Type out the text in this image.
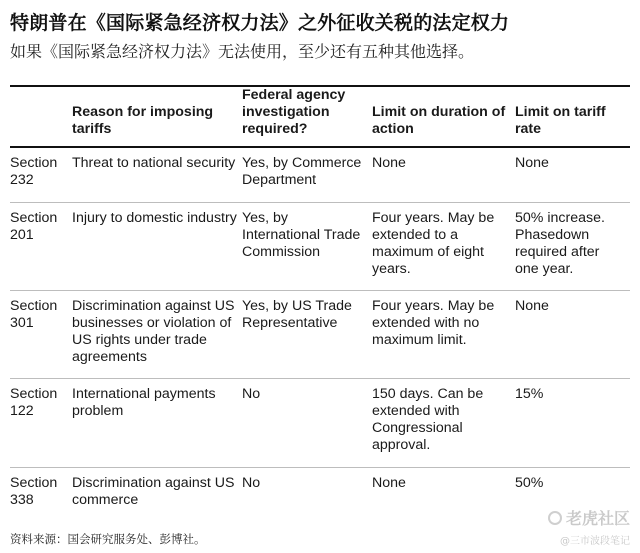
特朗普在《国际紧急经济权力法》之外征收关税的法定权力
如果《国际紧急经济权力法》无法使用，至少还有五种其他选择。
	Reason for imposing tariffs	Federal agency investigation required?	Limit on duration of action	Limit on tariff rate
Section 232	Threat to national security	Yes, by Commerce Department	None	None
Section 201	Injury to domestic industry	Yes, by International Trade Commission	Four years. May be extended to a maximum of eight years.	50% increase. Phasedown required after one year.
Section 301	Discrimination against US businesses or violation of US rights under trade agreements	Yes, by US Trade Representative	Four years. May be extended with no maximum limit.	None
Section 122	International payments problem	No	150 days. Can be extended with Congressional approval.	15%
Section 338	Discrimination against US commerce	No	None	50%
老虎社区
@三市波段笔记
资料来源：国会研究服务处、彭博社。
